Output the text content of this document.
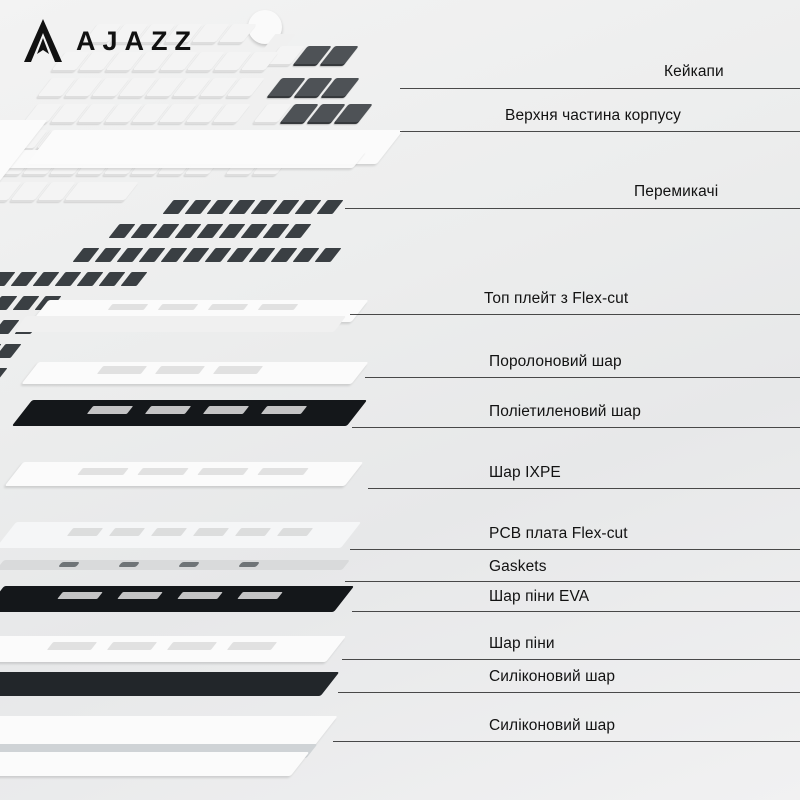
AJAZZ
Кейкапи
Верхня частина корпусу
Перемикачі
Топ плейт з Flex-cut
Поролоновий шар
Поліетиленовий шар
Шар IXPE
PCB плата Flex-cut
Gaskets
Шар піни EVA
Шар піни
Силіконовий шар
Силіконовий шар
